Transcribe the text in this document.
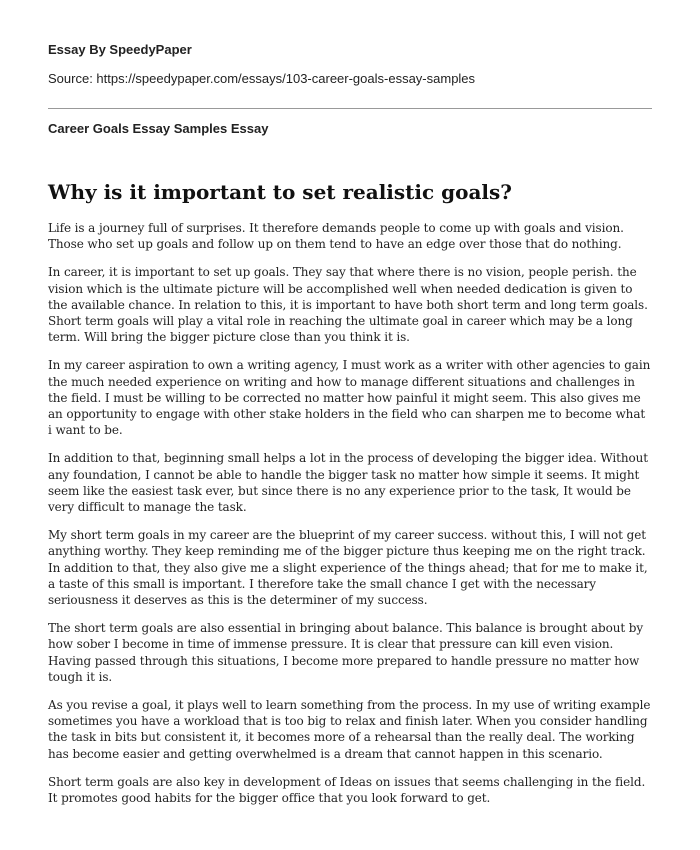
Essay By SpeedyPaper
Source: https://speedypaper.com/essays/103-career-goals-essay-samples
Career Goals Essay Samples Essay
Why is it important to set realistic goals?

Life is a journey full of surprises. It therefore demands people to come up with goals and vision. Those who set up goals and follow up on them tend to have an edge over those that do nothing.

In career, it is important to set up goals. They say that where there is no vision, people perish. the vision which is the ultimate picture will be accomplished well when needed dedication is given to the available chance. In relation to this, it is important to have both short term and long term goals. Short term goals will play a vital role in reaching the ultimate goal in career which may be a long term. Will bring the bigger picture close than you think it is.

In my career aspiration to own a writing agency, I must work as a writer with other agencies to gain the much needed experience on writing and how to manage different situations and challenges in the field. I must be willing to be corrected no matter how painful it might seem. This also gives me an opportunity to engage with other stake holders in the field who can sharpen me to become what i want to be.

In addition to that, beginning small helps a lot in the process of developing the bigger idea. Without any foundation, I cannot be able to handle the bigger task no matter how simple it seems. It might seem like the easiest task ever, but since there is no any experience prior to the task, It would be very difficult to manage the task.

My short term goals in my career are the blueprint of my career success. without this, I will not get anything worthy. They keep reminding me of the bigger picture thus keeping me on the right track. In addition to that, they also give me a slight experience of the things ahead; that for me to make it, a taste of this small is important. I therefore take the small chance I get with the necessary seriousness it deserves as this is the determiner of my success.

The short term goals are also essential in bringing about balance. This balance is brought about by how sober I become in time of immense pressure. It is clear that pressure can kill even vision. Having passed through this situations, I become more prepared to handle pressure no matter how tough it is.

As you revise a goal, it plays well to learn something from the process. In my use of writing example sometimes you have a workload that is too big to relax and finish later. When you consider handling the task in bits but consistent it, it becomes more of a rehearsal than the really deal. The working has become easier and getting overwhelmed is a dream that cannot happen in this scenario.

Short term goals are also key in development of Ideas on issues that seems challenging in the field. It promotes good habits for the bigger office that you look forward to get.
